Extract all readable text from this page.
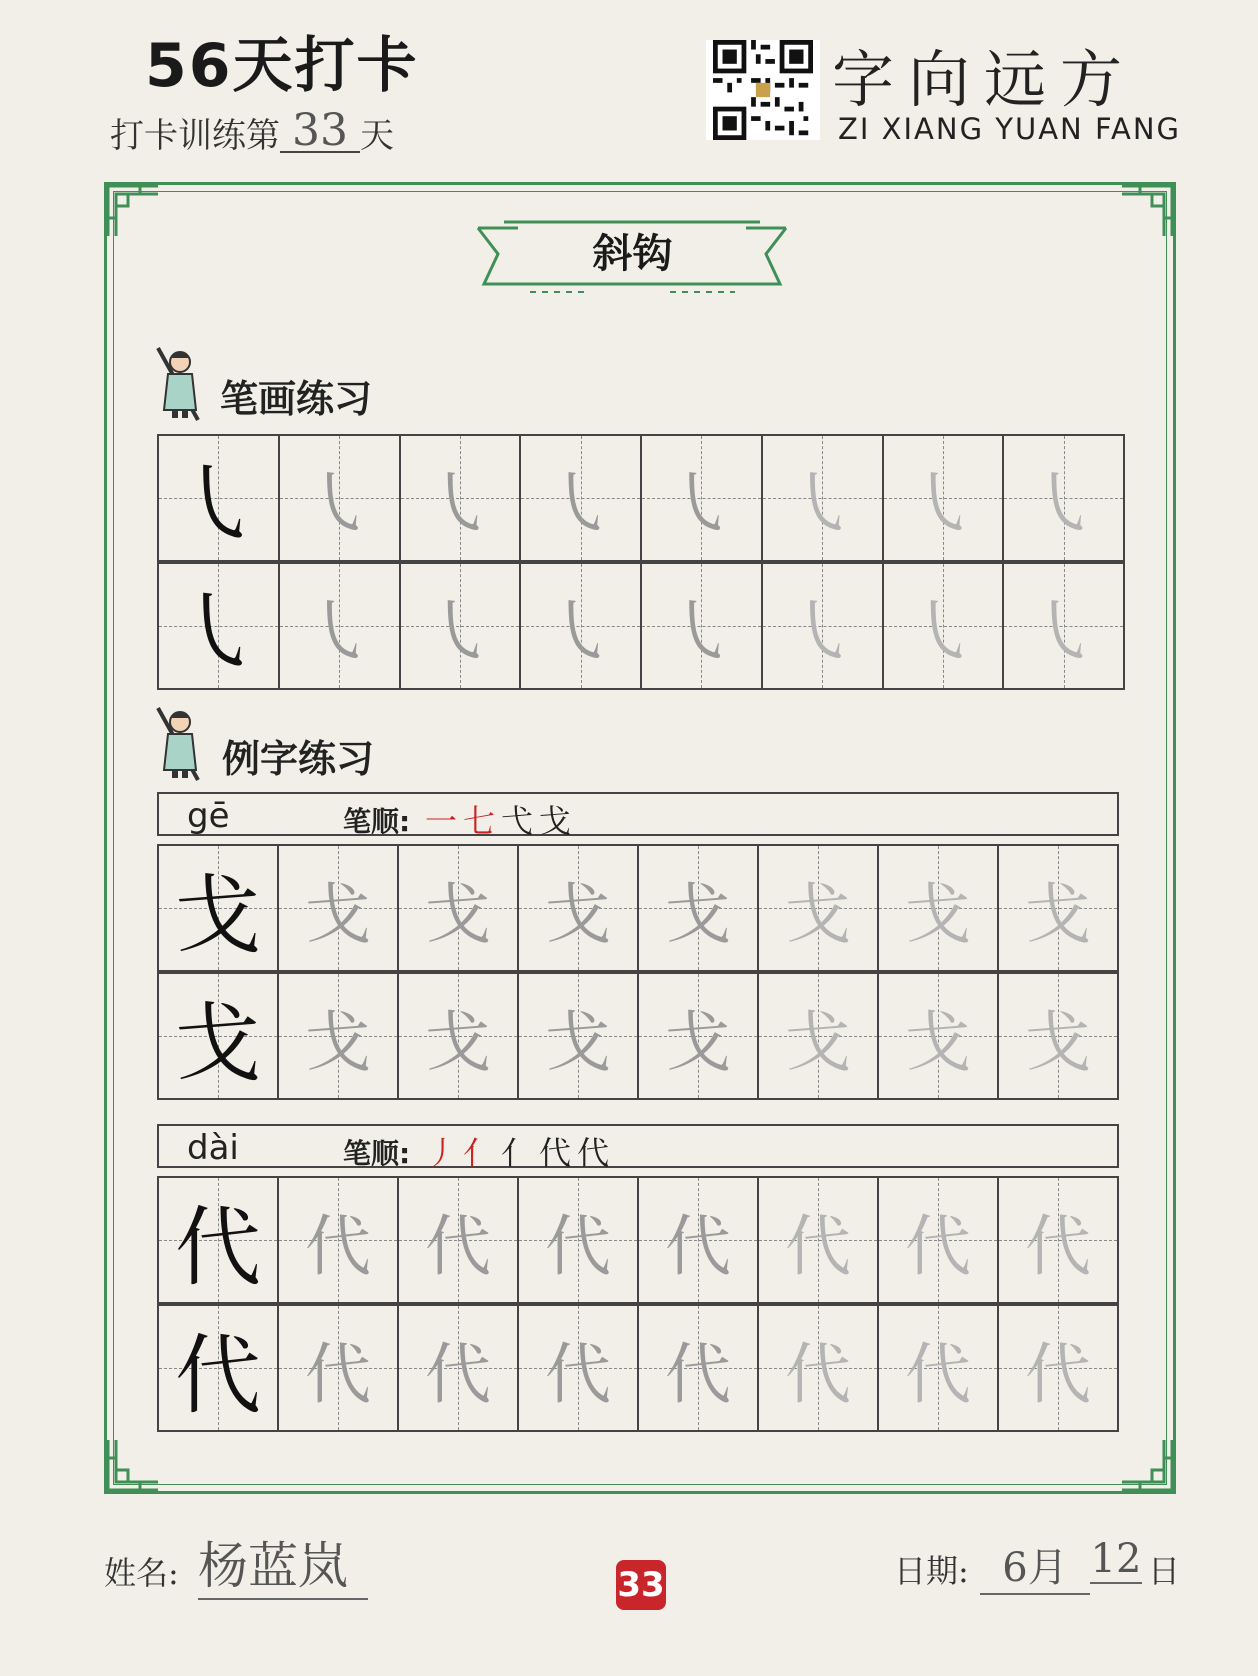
56天打卡
打卡训练第 33 天
字向远方
ZI XIANG YUAN FANG
斜钩
笔画练习
㇂ ㇂ ㇂ ㇂ ㇂ ㇂ ㇂ ㇂
㇂ ㇂ ㇂ ㇂ ㇂ ㇂ ㇂ ㇂
例字练习
gē	笔顺: 一七弋戈
戈 戈 戈 戈 戈 戈 戈 戈
戈 戈 戈 戈 戈 戈 戈 戈
dài	笔顺: 丿亻亻代代
代 代 代 代 代 代 代 代
代 代 代 代 代 代 代 代
姓名: 杨蓝岚	33	日期: 6月 12 日
